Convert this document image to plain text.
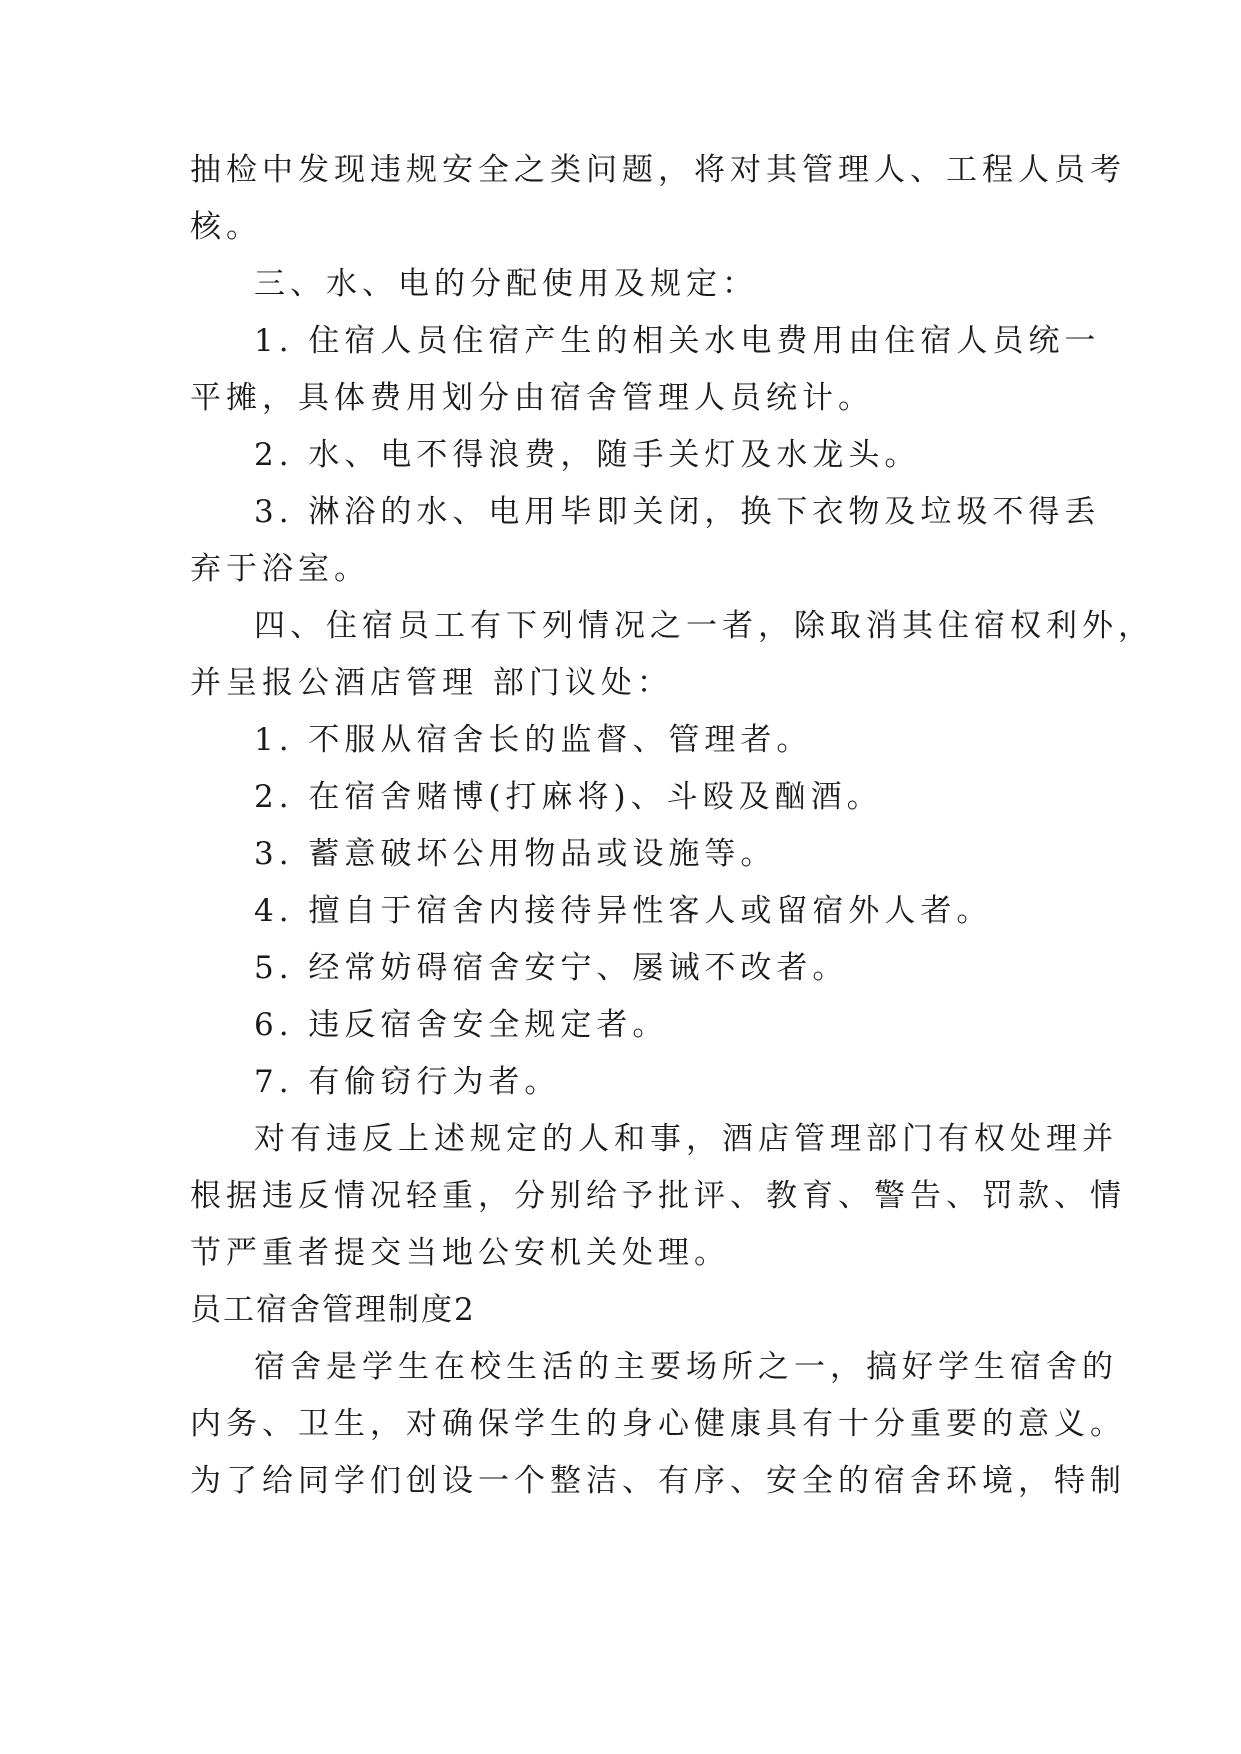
抽检中发现违规安全之类问题，将对其管理人、工程人员考
核。
三、水、电的分配使用及规定：
1. 住宿人员住宿产生的相关水电费用由住宿人员统一
平摊，具体费用划分由宿舍管理人员统计。
2. 水、电不得浪费，随手关灯及水龙头。
3. 淋浴的水、电用毕即关闭，换下衣物及垃圾不得丢
弃于浴室。
四、住宿员工有下列情况之一者，除取消其住宿权利外，
并呈报公酒店管理 部门议处：
1. 不服从宿舍长的监督、管理者。
2. 在宿舍赌博(打麻将)、斗殴及酗酒。
3. 蓄意破坏公用物品或设施等。
4. 擅自于宿舍内接待异性客人或留宿外人者。
5. 经常妨碍宿舍安宁、屡诫不改者。
6. 违反宿舍安全规定者。
7. 有偷窃行为者。
对有违反上述规定的人和事，酒店管理部门有权处理并
根据违反情况轻重，分别给予批评、教育、警告、罚款、情
节严重者提交当地公安机关处理。
员工宿舍管理制度2
宿舍是学生在校生活的主要场所之一，搞好学生宿舍的
内务、卫生，对确保学生的身心健康具有十分重要的意义。
为了给同学们创设一个整洁、有序、安全的宿舍环境，特制
